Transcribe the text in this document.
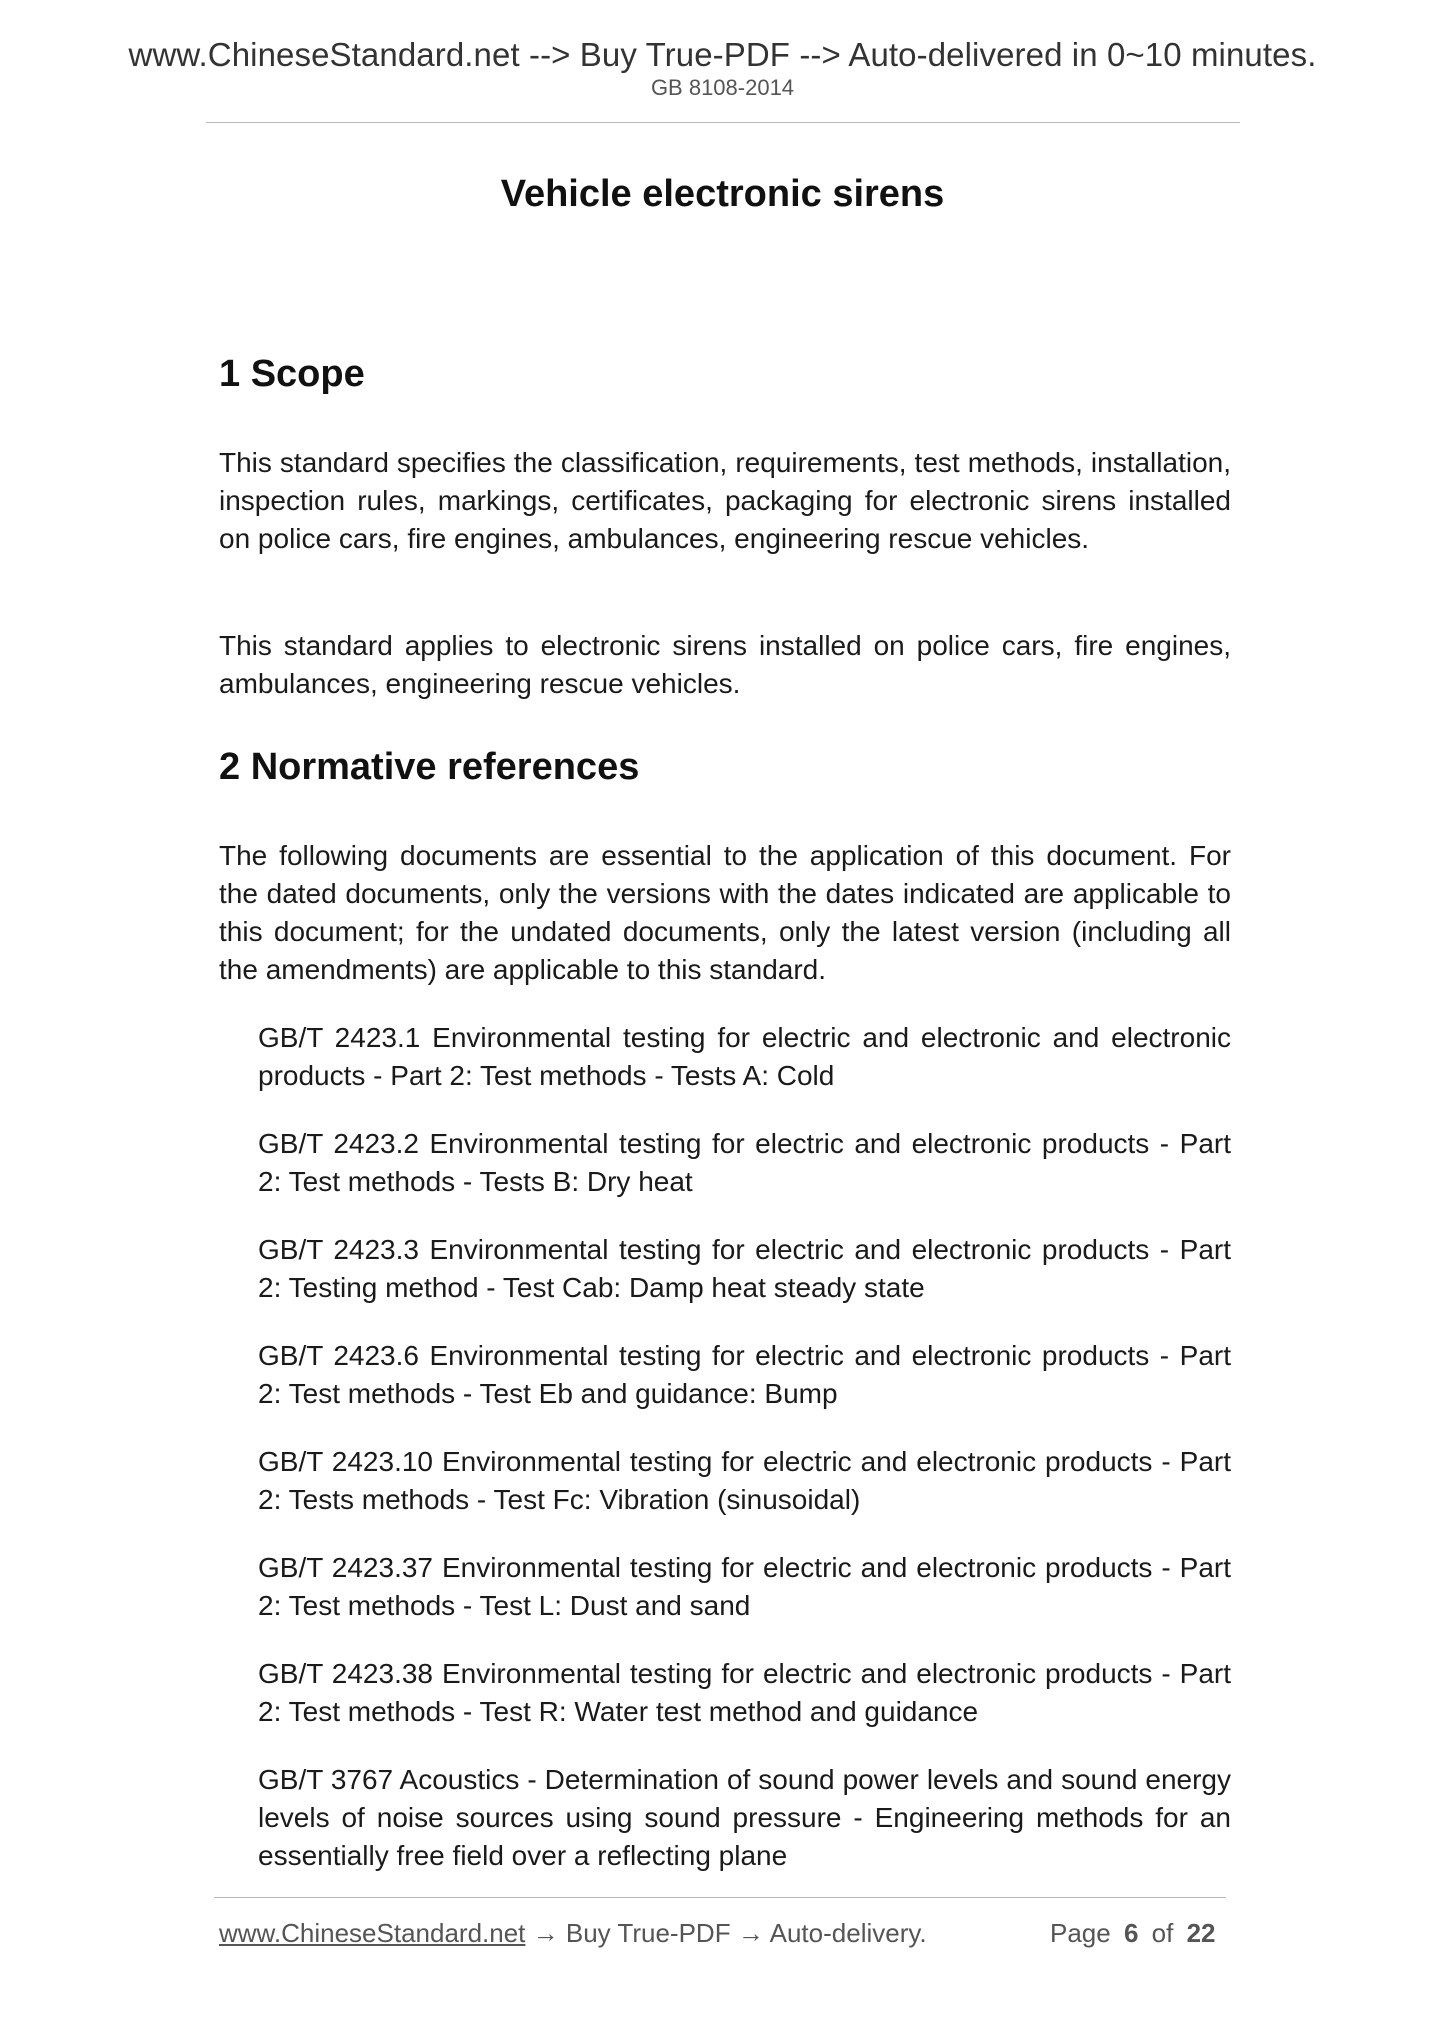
www.ChineseStandard.net --> Buy True-PDF --> Auto-delivered in 0~10 minutes.
GB 8108-2014
Vehicle electronic sirens
1 Scope
This standard specifies the classification, requirements, test methods, installation, inspection rules, markings, certificates, packaging for electronic sirens installed on police cars, fire engines, ambulances, engineering rescue vehicles.
This standard applies to electronic sirens installed on police cars, fire engines, ambulances, engineering rescue vehicles.
2 Normative references
The following documents are essential to the application of this document. For the dated documents, only the versions with the dates indicated are applicable to this document; for the undated documents, only the latest version (including all the amendments) are applicable to this standard.
GB/T 2423.1 Environmental testing for electric and electronic and electronic products - Part 2: Test methods - Tests A: Cold
GB/T 2423.2 Environmental testing for electric and electronic products - Part 2: Test methods - Tests B: Dry heat
GB/T 2423.3 Environmental testing for electric and electronic products - Part 2: Testing method - Test Cab: Damp heat steady state
GB/T 2423.6 Environmental testing for electric and electronic products - Part 2: Test methods - Test Eb and guidance: Bump
GB/T 2423.10 Environmental testing for electric and electronic products - Part 2: Tests methods - Test Fc: Vibration (sinusoidal)
GB/T 2423.37 Environmental testing for electric and electronic products - Part 2: Test methods - Test L: Dust and sand
GB/T 2423.38 Environmental testing for electric and electronic products - Part 2: Test methods - Test R: Water test method and guidance
GB/T 3767 Acoustics - Determination of sound power levels and sound energy levels of noise sources using sound pressure - Engineering methods for an essentially free field over a reflecting plane
www.ChineseStandard.net → Buy True-PDF → Auto-delivery.	Page 6 of 22
